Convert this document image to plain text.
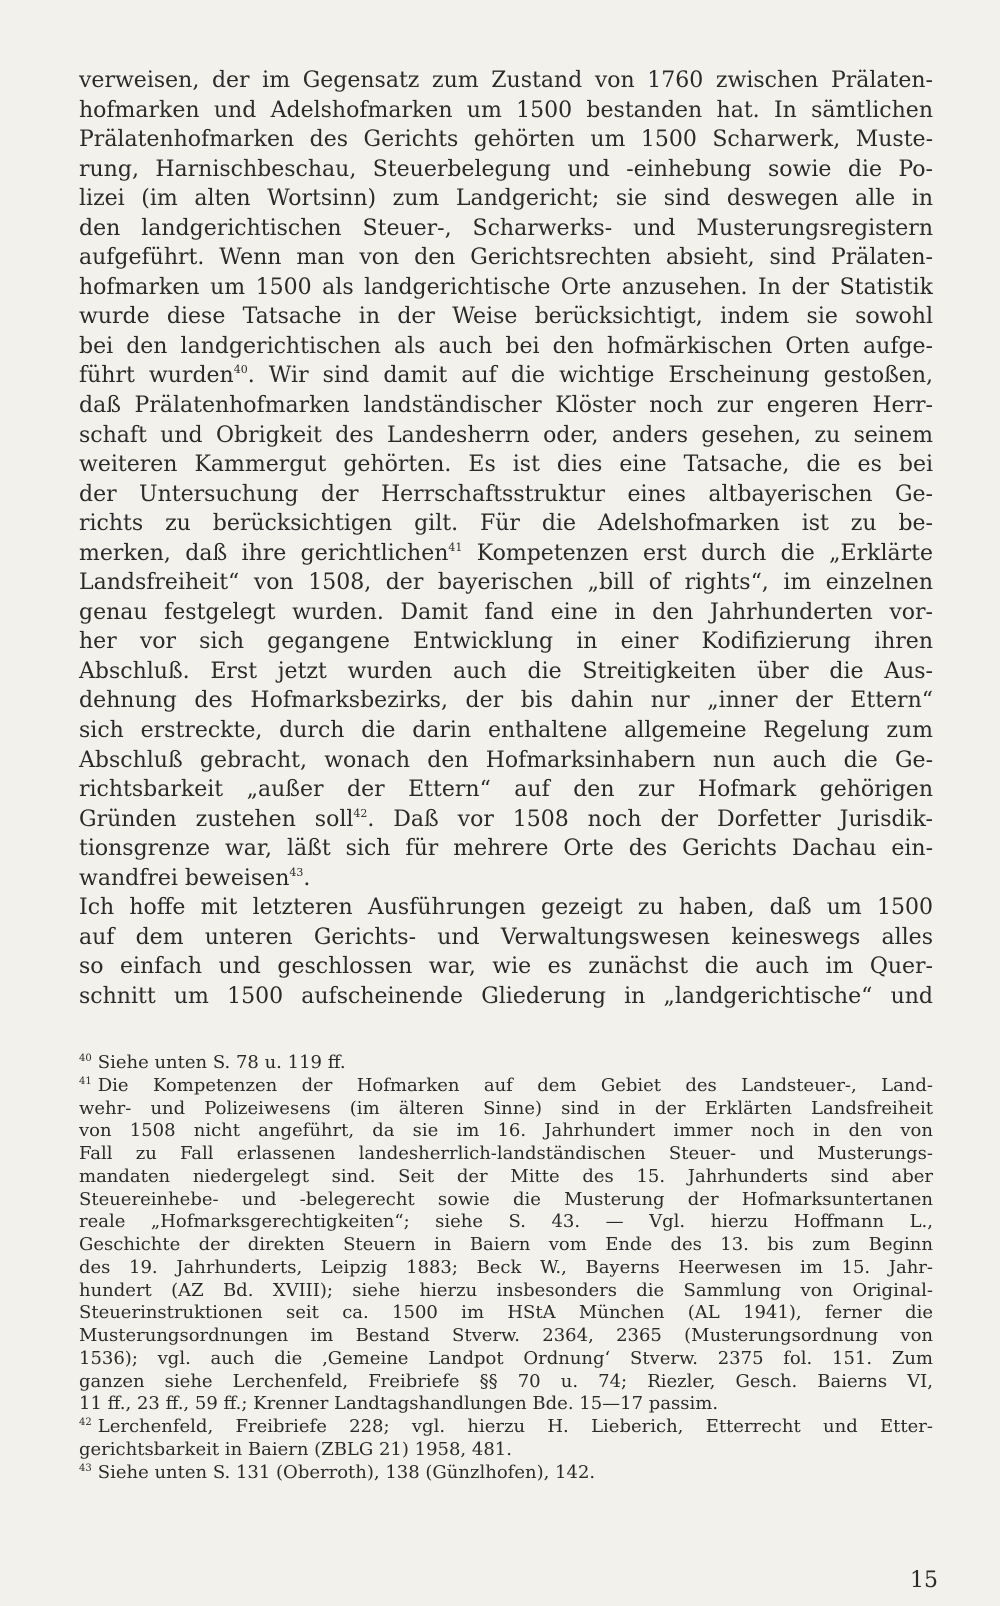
verweisen, der im Gegensatz zum Zustand von 1760 zwischen Prälaten-
hofmarken und Adelshofmarken um 1500 bestanden hat. In sämtlichen
Prälatenhofmarken des Gerichts gehörten um 1500 Scharwerk, Muste-
rung, Harnischbeschau, Steuerbelegung und -einhebung sowie die Po-
lizei (im alten Wortsinn) zum Landgericht; sie sind deswegen alle in
den landgerichtischen Steuer-, Scharwerks- und Musterungsregistern
aufgeführt. Wenn man von den Gerichtsrechten absieht, sind Prälaten-
hofmarken um 1500 als landgerichtische Orte anzusehen. In der Statistik
wurde diese Tatsache in der Weise berücksichtigt, indem sie sowohl
bei den landgerichtischen als auch bei den hofmärkischen Orten aufge-
führt wurden$^{40}$. Wir sind damit auf die wichtige Erscheinung gestoßen,
daß Prälatenhofmarken landständischer Klöster noch zur engeren Herr-
schaft und Obrigkeit des Landesherrn oder, anders gesehen, zu seinem
weiteren Kammergut gehörten. Es ist dies eine Tatsache, die es bei
der Untersuchung der Herrschaftsstruktur eines altbayerischen Ge-
richts zu berücksichtigen gilt. Für die Adelshofmarken ist zu be-
merken, daß ihre gerichtlichen$^{41}$ Kompetenzen erst durch die „Erklärte
Landsfreiheit“ von 1508, der bayerischen „bill of rights“, im einzelnen
genau festgelegt wurden. Damit fand eine in den Jahrhunderten vor-
her vor sich gegangene Entwicklung in einer Kodifizierung ihren
Abschluß. Erst jetzt wurden auch die Streitigkeiten über die Aus-
dehnung des Hofmarksbezirks, der bis dahin nur „inner der Ettern“
sich erstreckte, durch die darin enthaltene allgemeine Regelung zum
Abschluß gebracht, wonach den Hofmarksinhabern nun auch die Ge-
richtsbarkeit „außer der Ettern“ auf den zur Hofmark gehörigen
Gründen zustehen soll$^{42}$. Daß vor 1508 noch der Dorfetter Jurisdik-
tionsgrenze war, läßt sich für mehrere Orte des Gerichts Dachau ein-
wandfrei beweisen$^{43}$.
Ich hoffe mit letzteren Ausführungen gezeigt zu haben, daß um 1500
auf dem unteren Gerichts- und Verwaltungswesen keineswegs alles
so einfach und geschlossen war, wie es zunächst die auch im Quer-
schnitt um 1500 aufscheinende Gliederung in „landgerichtische“ und
$^{40}$ Siehe unten S. 78 u. 119 ff.
$^{41}$ Die Kompetenzen der Hofmarken auf dem Gebiet des Landsteuer-, Land-
wehr- und Polizeiwesens (im älteren Sinne) sind in der Erklärten Landsfreiheit
von 1508 nicht angeführt, da sie im 16. Jahrhundert immer noch in den von
Fall zu Fall erlassenen landesherrlich-landständischen Steuer- und Musterungs-
mandaten niedergelegt sind. Seit der Mitte des 15. Jahrhunderts sind aber
Steuereinhebe- und -belegerecht sowie die Musterung der Hofmarksuntertanen
reale „Hofmarksgerechtigkeiten“; siehe S. 43. — Vgl. hierzu Hoffmann L.,
Geschichte der direkten Steuern in Baiern vom Ende des 13. bis zum Beginn
des 19. Jahrhunderts, Leipzig 1883; Beck W., Bayerns Heerwesen im 15. Jahr-
hundert (AZ Bd. XVIII); siehe hierzu insbesonders die Sammlung von Original-
Steuerinstruktionen seit ca. 1500 im HStA München (AL 1941), ferner die
Musterungsordnungen im Bestand Stverw. 2364, 2365 (Musterungsordnung von
1536); vgl. auch die ‚Gemeine Landpot Ordnung‘ Stverw. 2375 fol. 151. Zum
ganzen siehe Lerchenfeld, Freibriefe §§ 70 u. 74; Riezler, Gesch. Baierns VI,
11 ff., 23 ff., 59 ff.; Krenner Landtagshandlungen Bde. 15—17 passim.
$^{42}$ Lerchenfeld, Freibriefe 228; vgl. hierzu H. Lieberich, Etterrecht und Etter-
gerichtsbarkeit in Baiern (ZBLG 21) 1958, 481.
$^{43}$ Siehe unten S. 131 (Oberroth), 138 (Günzlhofen), 142.
15
